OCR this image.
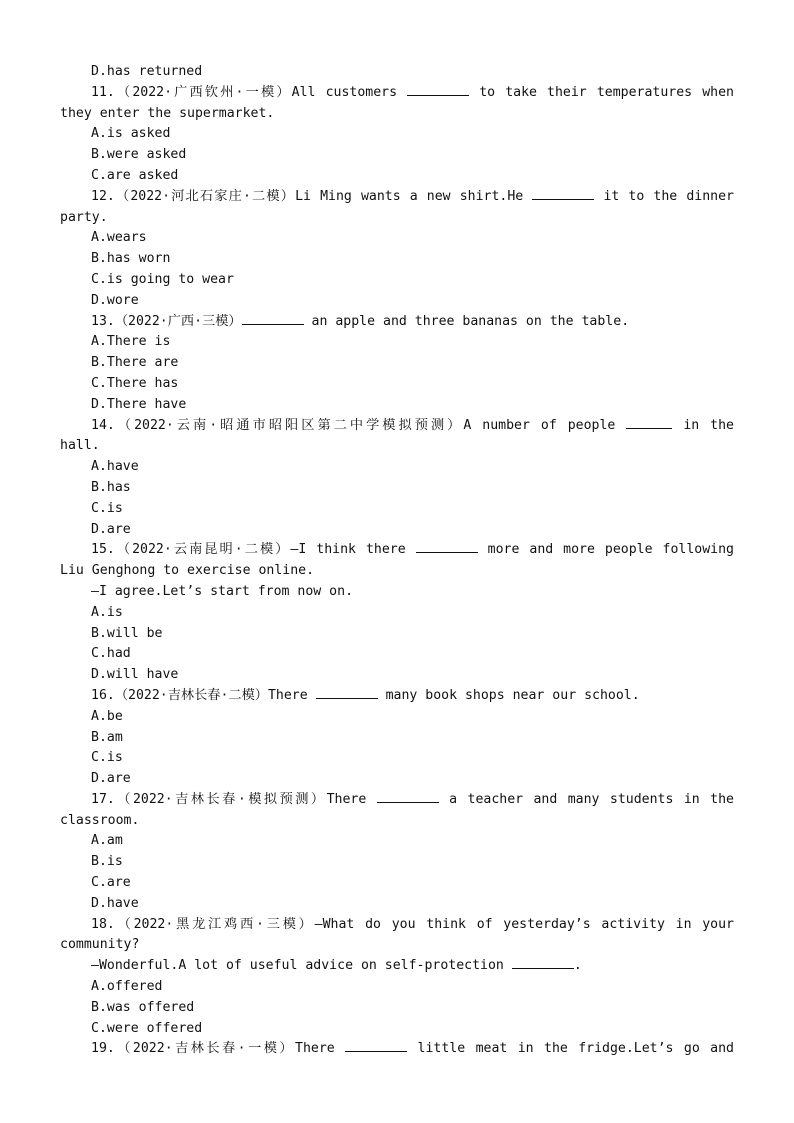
D.has returned
11.（2022·广西钦州·一模）All customers	to take their temperatures when
they enter the supermarket.
A.is asked
B.were asked
C.are asked
12.（2022·河北石家庄·二模）Li Ming wants a new shirt.He	it to the dinner
party.
A.wears
B.has worn
C.is going to wear
D.wore
13.（2022·广西·三模）	an apple and three bananas on the table.
A.There is
B.There are
C.There has
D.There have
14.（2022·云南·昭通市昭阳区第二中学模拟预测）A number of people	in the
hall.
A.have
B.has
C.is
D.are
15.（2022·云南昆明·二模）—I think there	more and more people following
Liu Genghong to exercise online.
—I agree.Let’s start from now on.
A.is
B.will be
C.had
D.will have
16.（2022·吉林长春·二模）There	many book shops near our school.
A.be
B.am
C.is
D.are
17.（2022·吉林长春·模拟预测）There	a teacher and many students in the
classroom.
A.am
B.is
C.are
D.have
18.（2022·黑龙江鸡西·三模）—What do you think of yesterday’s activity in your
community?
—Wonderful.A lot of useful advice on self-protection	.
A.offered
B.was offered
C.were offered
19.（2022·吉林长春·一模）There	little meat in the fridge.Let’s go and
